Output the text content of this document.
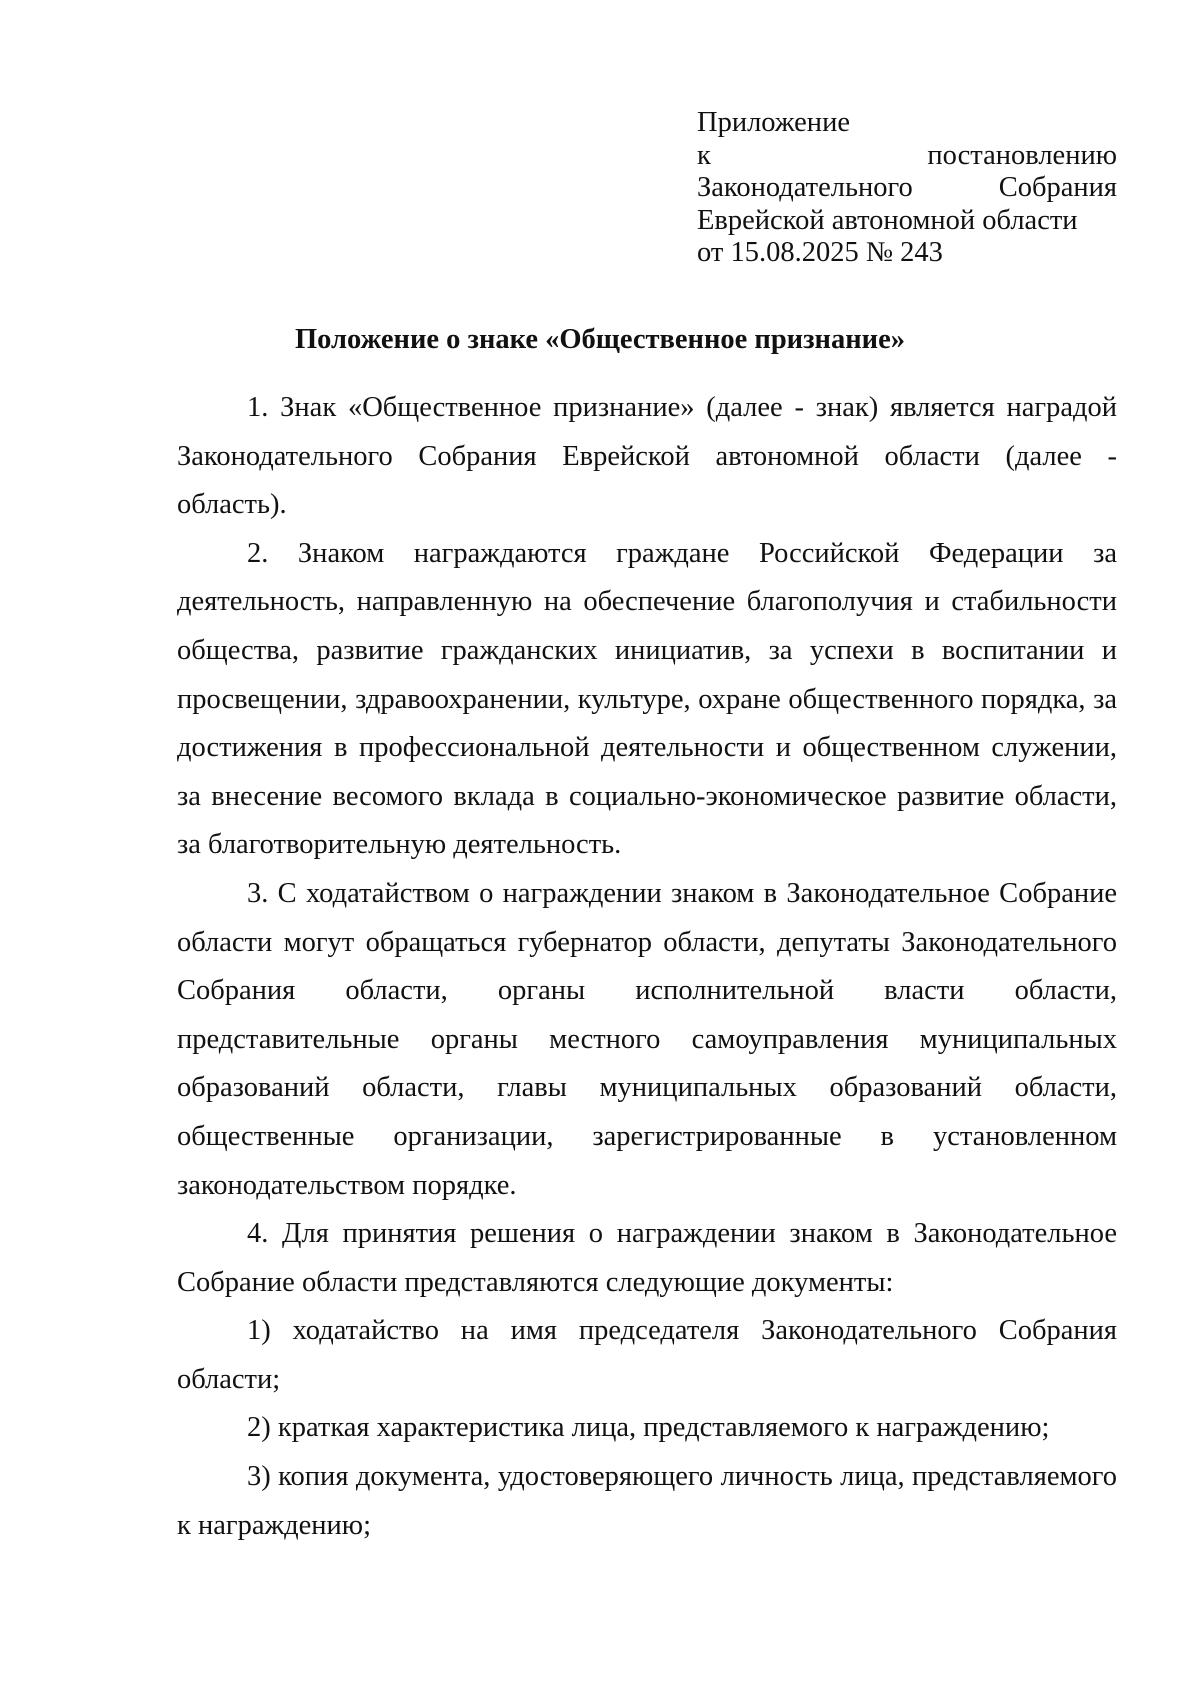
Приложение
к	постановлению
Законодательного	Собрания
Еврейской автономной области
от 15.08.2025 № 243
Положение о знаке «Общественное признание»

1. Знак «Общественное признание» (далее - знак) является наградой Законодательного Собрания Еврейской автономной области (далее - область).

2. Знаком награждаются граждане Российской Федерации за деятельность, направленную на обеспечение благополучия и стабильности общества, развитие гражданских инициатив, за успехи в воспитании и просвещении, здравоохранении, культуре, охране общественного порядка, за достижения в профессиональной деятельности и общественном служении, за внесение весомого вклада в социально-экономическое развитие области, за благотворительную деятельность.

3. С ходатайством о награждении знаком в Законодательное Собрание области могут обращаться губернатор области, депутаты Законодательного Собрания области, органы исполнительной власти области, представительные органы местного самоуправления муниципальных образований области, главы муниципальных образований области, общественные организации, зарегистрированные в установленном законодательством порядке.

4. Для принятия решения о награждении знаком в Законодательное Собрание области представляются следующие документы:

1) ходатайство на имя председателя Законодательного Собрания области;

2) краткая характеристика лица, представляемого к награждению;

3) копия документа, удостоверяющего личность лица, представляемого к награждению;
